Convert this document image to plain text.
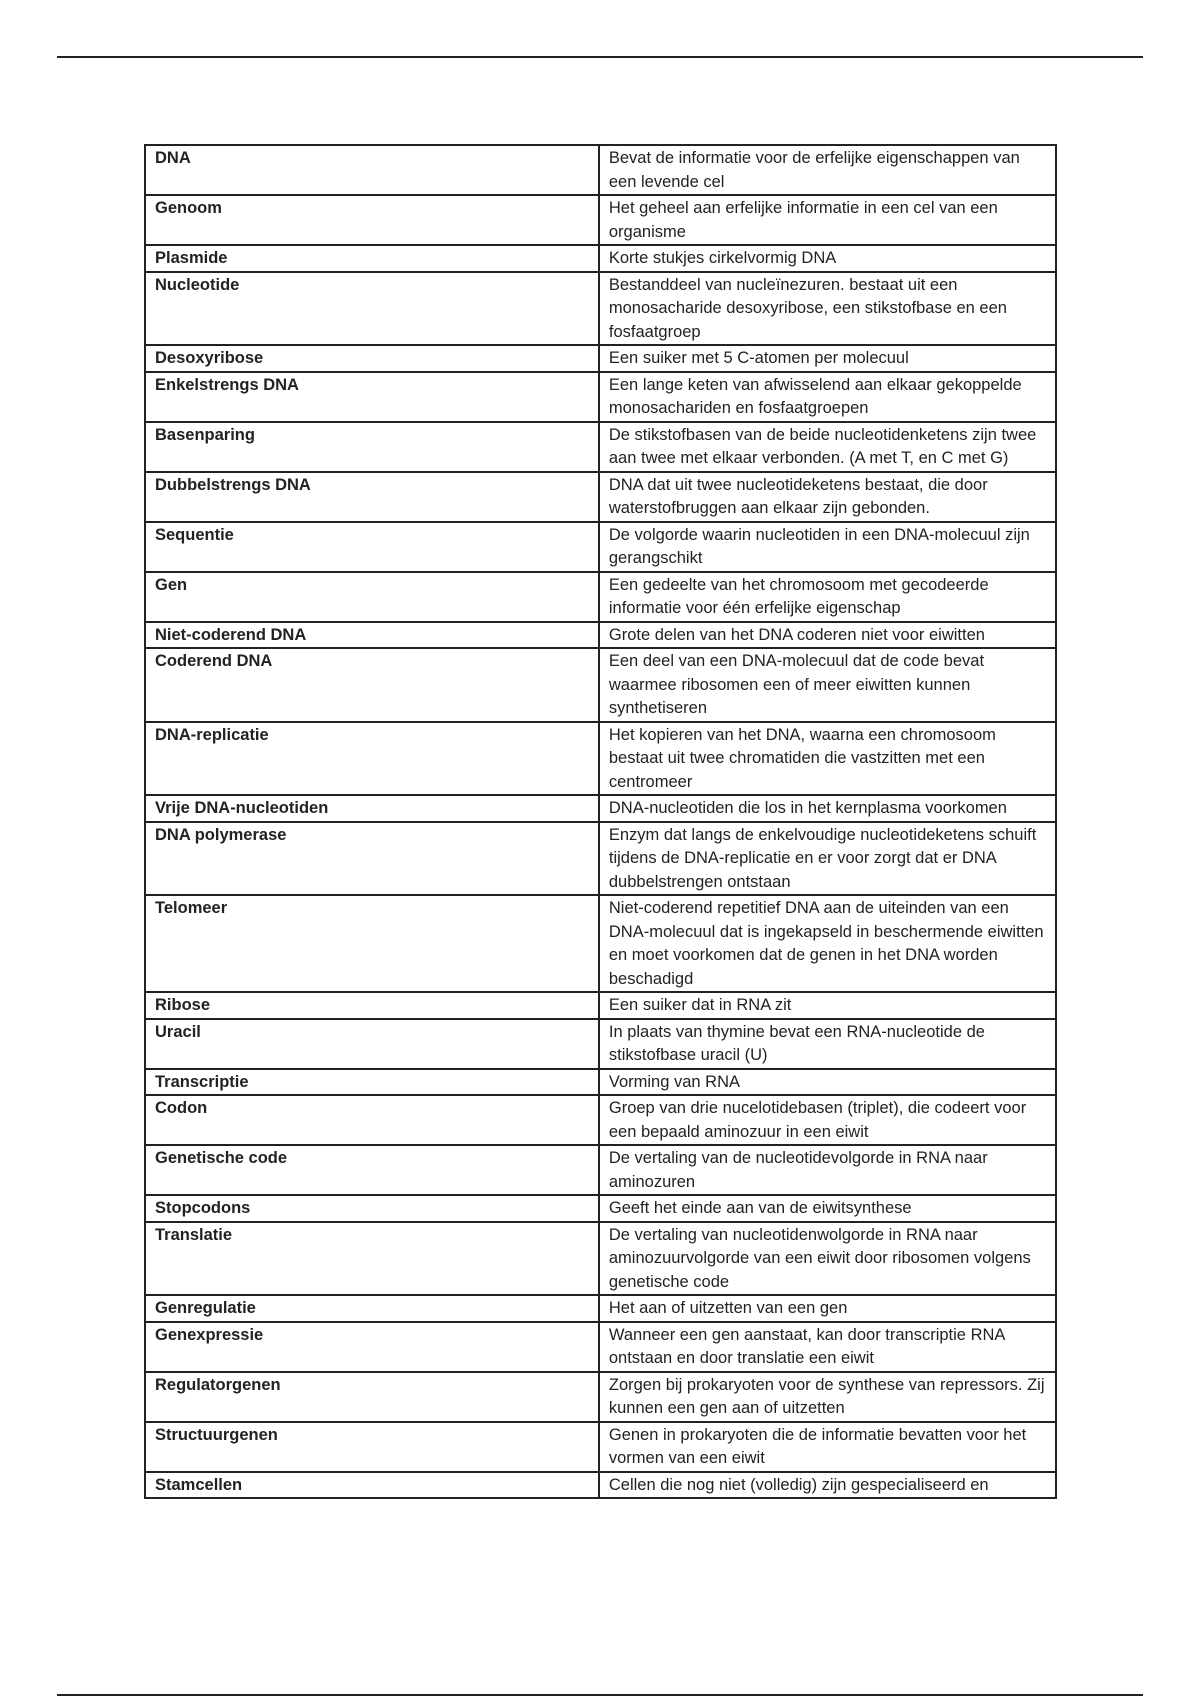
DNA	Bevat de informatie voor de erfelijke eigenschappen van een levende cel
Genoom	Het geheel aan erfelijke informatie in een cel van een organisme
Plasmide	Korte stukjes cirkelvormig DNA
Nucleotide	Bestanddeel van nucleïnezuren. bestaat uit een monosacharide desoxyribose, een stikstofbase en een fosfaatgroep
Desoxyribose	Een suiker met 5 C-atomen per molecuul
Enkelstrengs DNA	Een lange keten van afwisselend aan elkaar gekoppelde monosachariden en fosfaatgroepen
Basenparing	De stikstofbasen van de beide nucleotidenketens zijn twee aan twee met elkaar verbonden. (A met T, en C met G)
Dubbelstrengs DNA	DNA dat uit twee nucleotideketens bestaat, die door waterstofbruggen aan elkaar zijn gebonden.
Sequentie	De volgorde waarin nucleotiden in een DNA-molecuul zijn gerangschikt
Gen	Een gedeelte van het chromosoom met gecodeerde informatie voor één erfelijke eigenschap
Niet-coderend DNA	Grote delen van het DNA coderen niet voor eiwitten
Coderend DNA	Een deel van een DNA-molecuul dat de code bevat waarmee ribosomen een of meer eiwitten kunnen synthetiseren
DNA-replicatie	Het kopieren van het DNA, waarna een chromosoom bestaat uit twee chromatiden die vastzitten met een centromeer
Vrije DNA-nucleotiden	DNA-nucleotiden die los in het kernplasma voorkomen
DNA polymerase	Enzym dat langs de enkelvoudige nucleotideketens schuift tijdens de DNA-replicatie en er voor zorgt dat er DNA dubbelstrengen ontstaan
Telomeer	Niet-coderend repetitief DNA aan de uiteinden van een DNA-molecuul dat is ingekapseld in beschermende eiwitten en moet voorkomen dat de genen in het DNA worden beschadigd
Ribose	Een suiker dat in RNA zit
Uracil	In plaats van thymine bevat een RNA-nucleotide de stikstofbase uracil (U)
Transcriptie	Vorming van RNA
Codon	Groep van drie nucelotidebasen (triplet), die codeert voor een bepaald aminozuur in een eiwit
Genetische code	De vertaling van de nucleotidevolgorde in RNA naar aminozuren
Stopcodons	Geeft het einde aan van de eiwitsynthese
Translatie	De vertaling van nucleotidenwolgorde in RNA naar aminozuurvolgorde van een eiwit door ribosomen volgens genetische code
Genregulatie	Het aan of uitzetten van een gen
Genexpressie	Wanneer een gen aanstaat, kan door transcriptie RNA ontstaan en door translatie een eiwit
Regulatorgenen	Zorgen bij prokaryoten voor de synthese van repressors. Zij kunnen een gen aan of uitzetten
Structuurgenen	Genen in prokaryoten die de informatie bevatten voor het vormen van een eiwit
Stamcellen	Cellen die nog niet (volledig) zijn gespecialiseerd en
